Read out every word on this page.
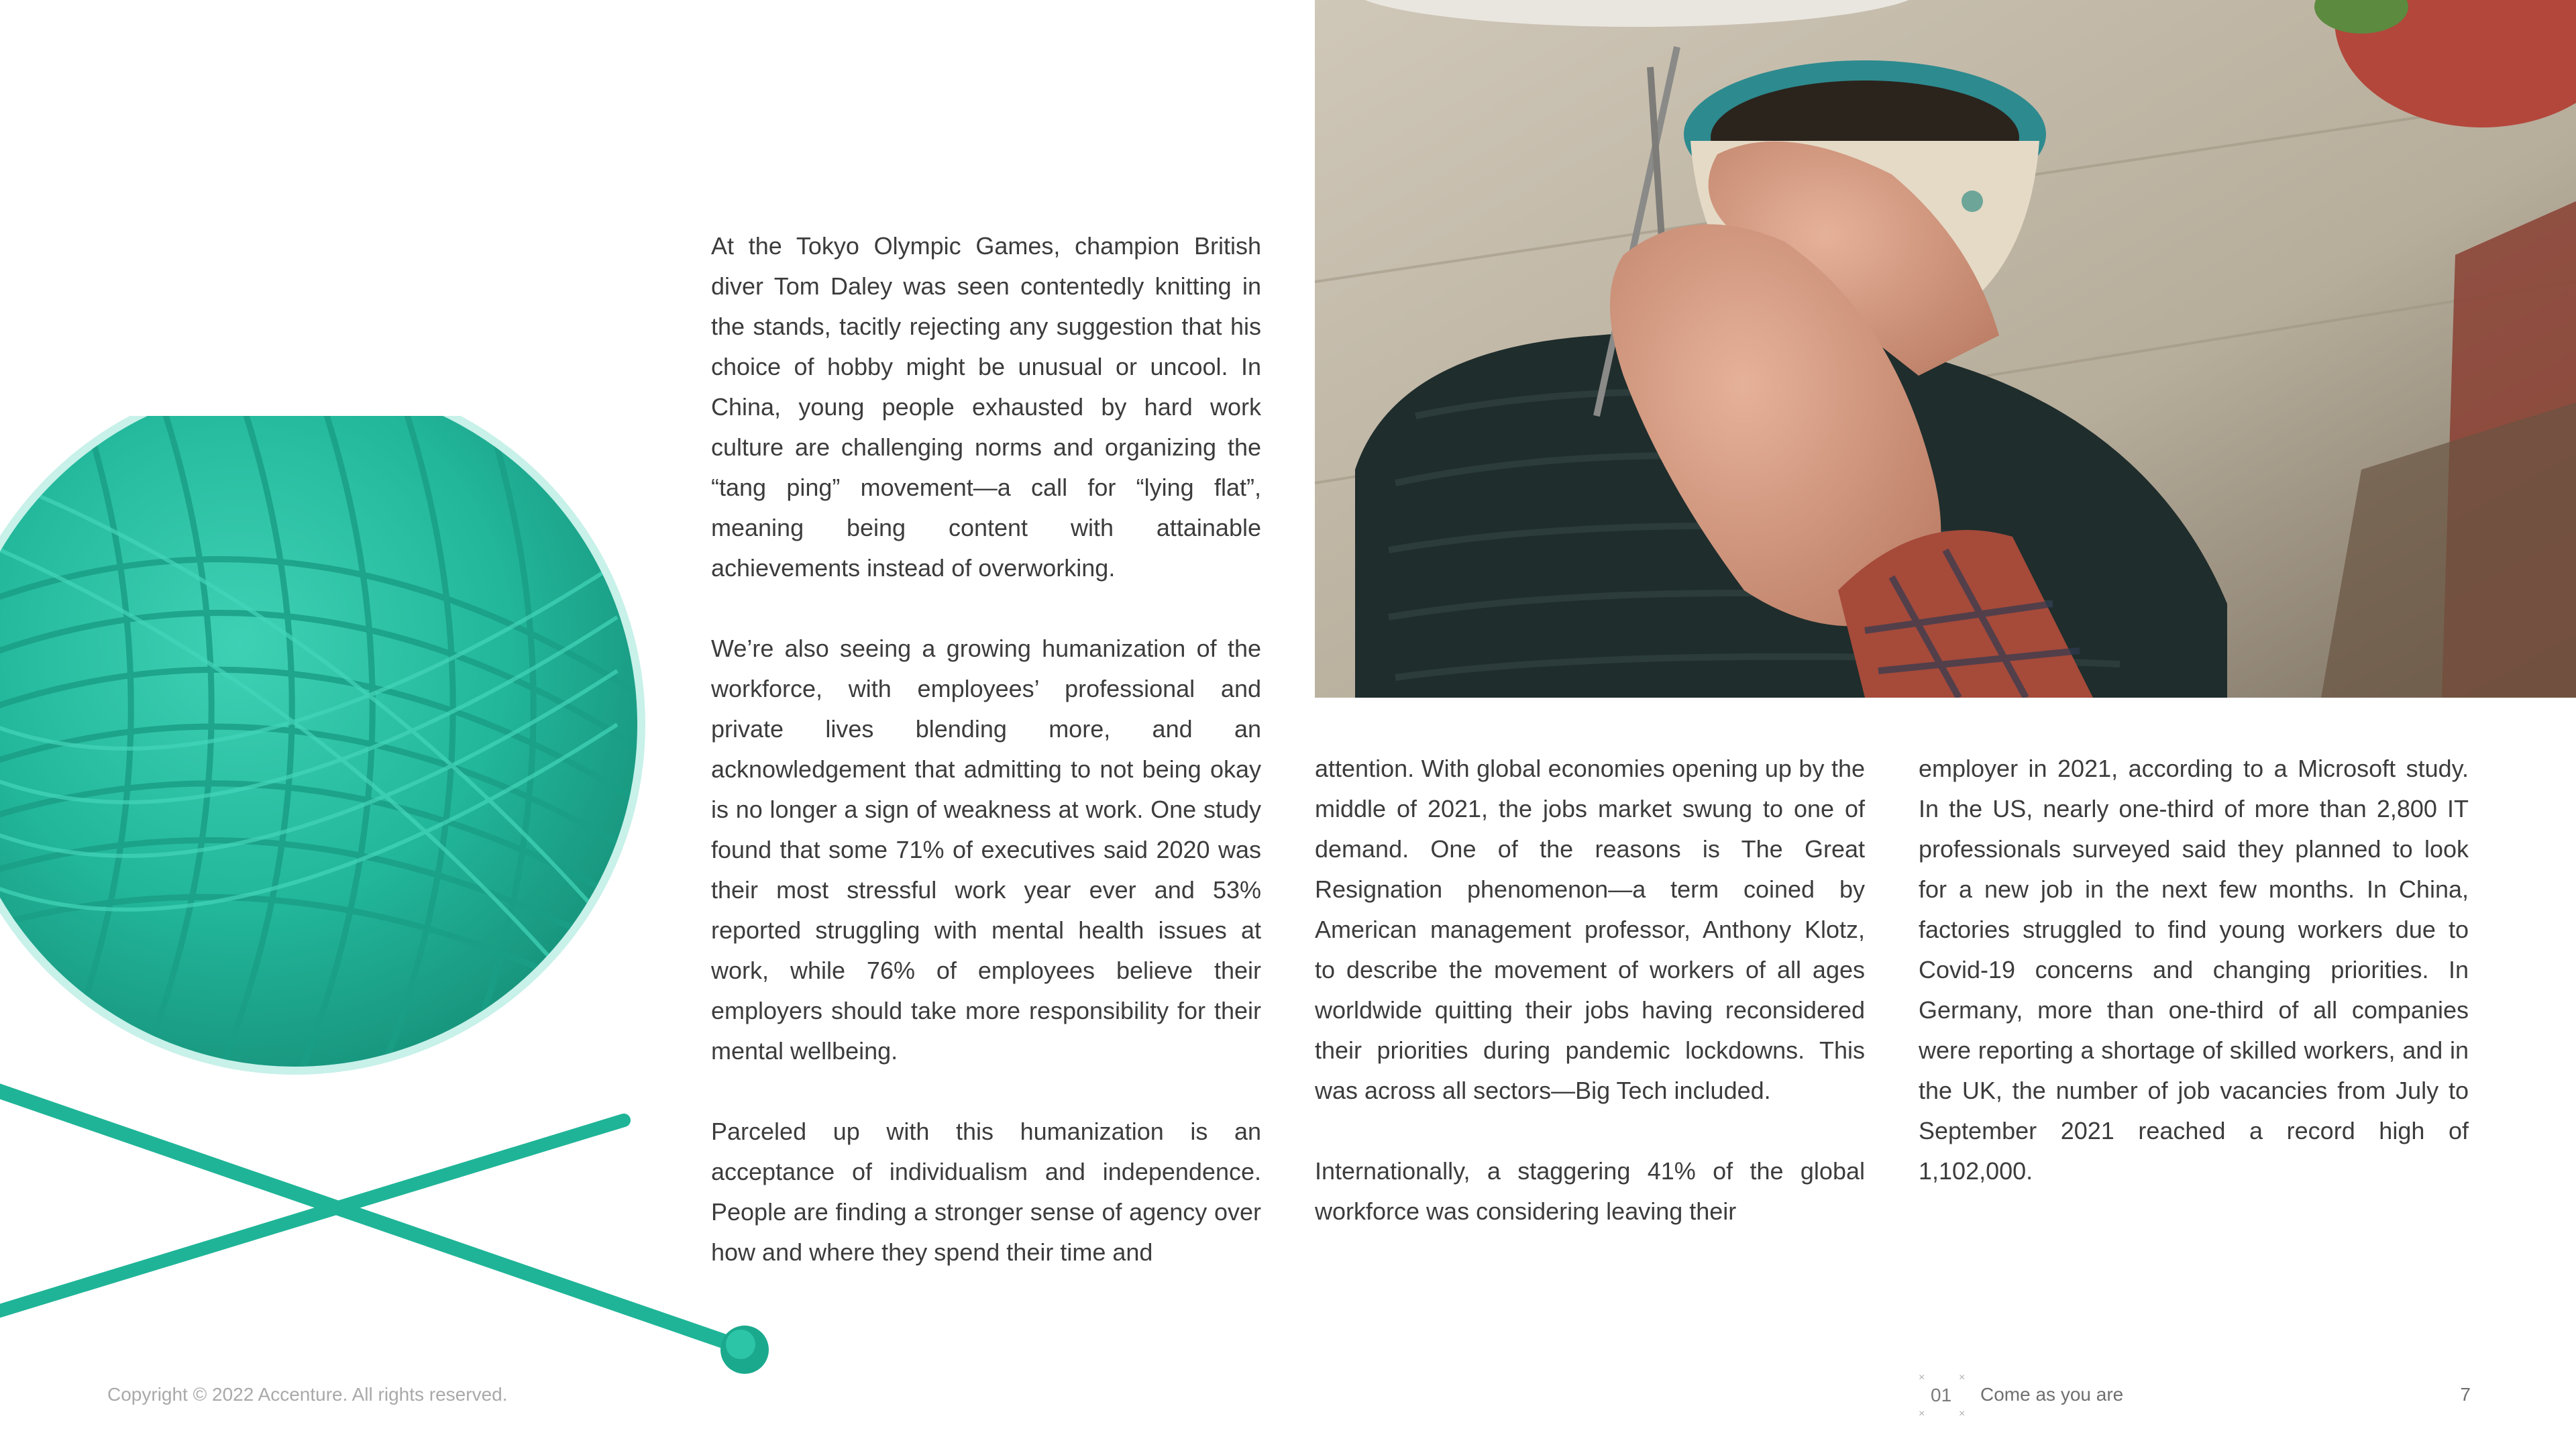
At the Tokyo Olympic Games, champion British diver Tom Daley was seen contentedly knitting in the stands, tacitly rejecting any suggestion that his choice of hobby might be unusual or uncool. In China, young people exhausted by hard work culture are challenging norms and organizing the “tang ping” movement—a call for “lying flat”, meaning being content with attainable achievements instead of overworking.

We’re also seeing a growing humanization of the workforce, with employees’ professional and private lives blending more, and an acknowledgement that admitting to not being okay is no longer a sign of weakness at work. One study found that some 71% of executives said 2020 was their most stressful work year ever and 53% reported struggling with mental health issues at work, while 76% of employees believe their employers should take more responsibility for their mental wellbeing.

Parceled up with this humanization is an acceptance of individualism and independence. People are finding a stronger sense of agency over how and where they spend their time and

attention. With global economies opening up by the middle of 2021, the jobs market swung to one of demand. One of the reasons is The Great Resignation phenomenon—a term coined by American management professor, Anthony Klotz, to describe the movement of workers of all ages worldwide quitting their jobs having reconsidered their priorities during pandemic lockdowns. This was across all sectors—Big Tech included.

Internationally, a staggering 41% of the global workforce was considering leaving their

employer in 2021, according to a Microsoft study. In the US, nearly one-third of more than 2,800 IT professionals surveyed said they planned to look for a new job in the next few months. In China, factories struggled to find young workers due to Covid-19 concerns and changing priorities. In Germany, more than one-third of all companies were reporting a shortage of skilled workers, and in the UK, the number of job vacancies from July to September 2021 reached a record high of 1,102,000.

Copyright © 2022 Accenture. All rights reserved.
×	×
×	×
01 Come as you are	7
